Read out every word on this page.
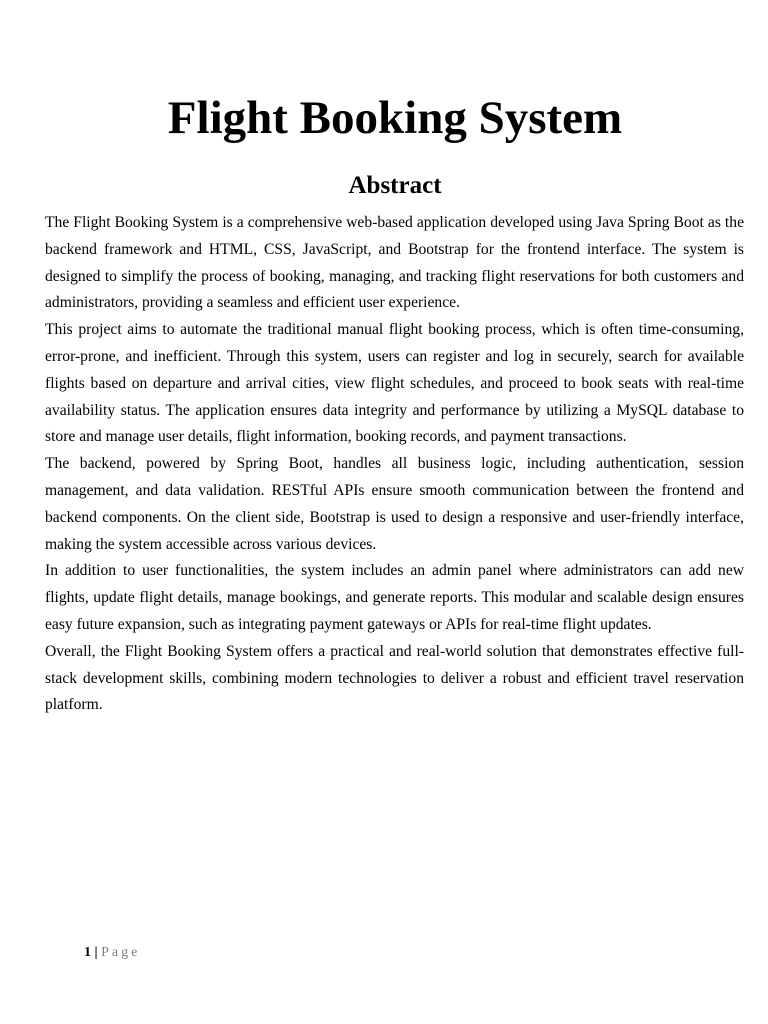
Flight Booking System
Abstract

The Flight Booking System is a comprehensive web-based application developed using Java Spring Boot as the backend framework and HTML, CSS, JavaScript, and Bootstrap for the frontend interface. The system is designed to simplify the process of booking, managing, and tracking flight reservations for both customers and administrators, providing a seamless and efficient user experience.

This project aims to automate the traditional manual flight booking process, which is often time-consuming, error-prone, and inefficient. Through this system, users can register and log in securely, search for available flights based on departure and arrival cities, view flight schedules, and proceed to book seats with real-time availability status. The application ensures data integrity and performance by utilizing a MySQL database to store and manage user details, flight information, booking records, and payment transactions.

The backend, powered by Spring Boot, handles all business logic, including authentication, session management, and data validation. RESTful APIs ensure smooth communication between the frontend and backend components. On the client side, Bootstrap is used to design a responsive and user-friendly interface, making the system accessible across various devices.

In addition to user functionalities, the system includes an admin panel where administrators can add new flights, update flight details, manage bookings, and generate reports. This modular and scalable design ensures easy future expansion, such as integrating payment gateways or APIs for real-time flight updates.

Overall, the Flight Booking System offers a practical and real-world solution that demonstrates effective full-stack development skills, combining modern technologies to deliver a robust and efficient travel reservation platform.

1 | Page
